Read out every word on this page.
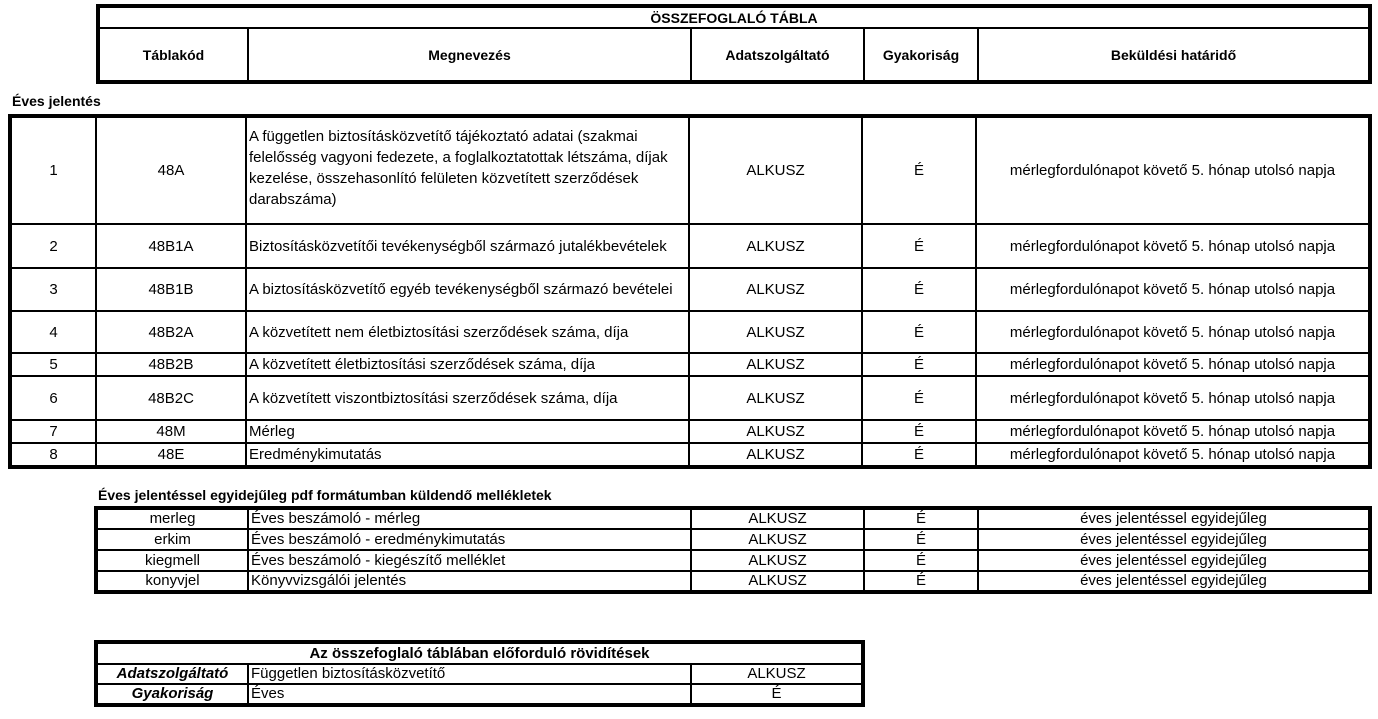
ÖSSZEFOGLALÓ TÁBLA
Táblakód	Megnevezés	Adatszolgáltató	Gyakoriság	Beküldési határidő
Éves jelentés
1	48A	A független biztosításközvetítő tájékoztató adatai (szakmai felelősség vagyoni fedezete, a foglalkoztatottak létszáma, díjak kezelése, összehasonlító felületen közvetített szerződések darabszáma)	ALKUSZ	É	mérlegfordulónapot követő 5. hónap utolsó napja
2	48B1A	Biztosításközvetítői tevékenységből származó jutalékbevételek	ALKUSZ	É	mérlegfordulónapot követő 5. hónap utolsó napja
3	48B1B	A biztosításközvetítő egyéb tevékenységből származó bevételei	ALKUSZ	É	mérlegfordulónapot követő 5. hónap utolsó napja
4	48B2A	A közvetített nem életbiztosítási szerződések száma, díja	ALKUSZ	É	mérlegfordulónapot követő 5. hónap utolsó napja
5	48B2B	A közvetített életbiztosítási szerződések száma, díja	ALKUSZ	É	mérlegfordulónapot követő 5. hónap utolsó napja
6	48B2C	A közvetített viszontbiztosítási szerződések száma, díja	ALKUSZ	É	mérlegfordulónapot követő 5. hónap utolsó napja
7	48M	Mérleg	ALKUSZ	É	mérlegfordulónapot követő 5. hónap utolsó napja
8	48E	Eredménykimutatás	ALKUSZ	É	mérlegfordulónapot követő 5. hónap utolsó napja
Éves jelentéssel egyidejűleg pdf formátumban küldendő mellékletek
merleg	Éves beszámoló - mérleg	ALKUSZ	É	éves jelentéssel egyidejűleg
erkim	Éves beszámoló - eredménykimutatás	ALKUSZ	É	éves jelentéssel egyidejűleg
kiegmell	Éves beszámoló - kiegészítő melléklet	ALKUSZ	É	éves jelentéssel egyidejűleg
konyvjel	Könyvvizsgálói jelentés	ALKUSZ	É	éves jelentéssel egyidejűleg
Az összefoglaló táblában előforduló rövidítések		
Adatszolgáltató	Független biztosításközvetítő	ALKUSZ
Gyakoriság	Éves	É
